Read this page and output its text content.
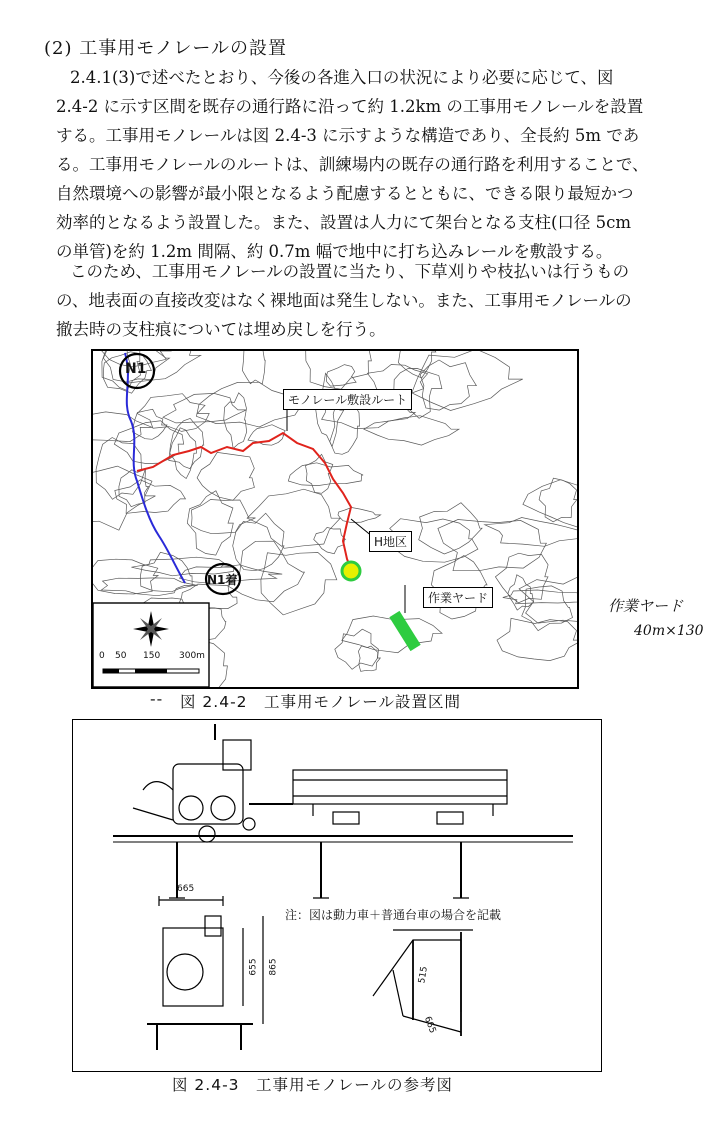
(2) 工事用モノレールの設置

2.4.1(3)で述べたとおり、今後の各進入口の状況により必要に応じて、図
2.4-2 に示す区間を既存の通行路に沿って約 1.2km の工事用モノレールを設置
する。工事用モノレールは図 2.4-3 に示すような構造であり、全長約 5m であ
る。工事用モノレールのルートは、訓練場内の既存の通行路を利用することで、
自然環境への影響が最小限となるよう配慮するとともに、できる限り最短かつ
効率的となるよう設置した。また、設置は人力にて架台となる支柱(口径 5cm
の単管)を約 1.2m 間隔、約 0.7m 幅で地中に打ち込みレールを敷設する。

このため、工事用モノレールの設置に当たり、下草刈りや枝払いは行うもの
の、地表面の直接改変はなく裸地面は発生しない。また、工事用モノレールの
撤去時の支柱痕については埋め戻しを行う。

N1
N1着
モノレール敷設ルート
H地区
作業ヤード
0 50 150 300m
-- 図 2.4-2　工事用モノレール設置区間
作業ヤード
40m×130
注：図は動力車＋普通台車の場合を記載
665
655 865	515
665
図 2.4-3　工事用モノレールの参考図
